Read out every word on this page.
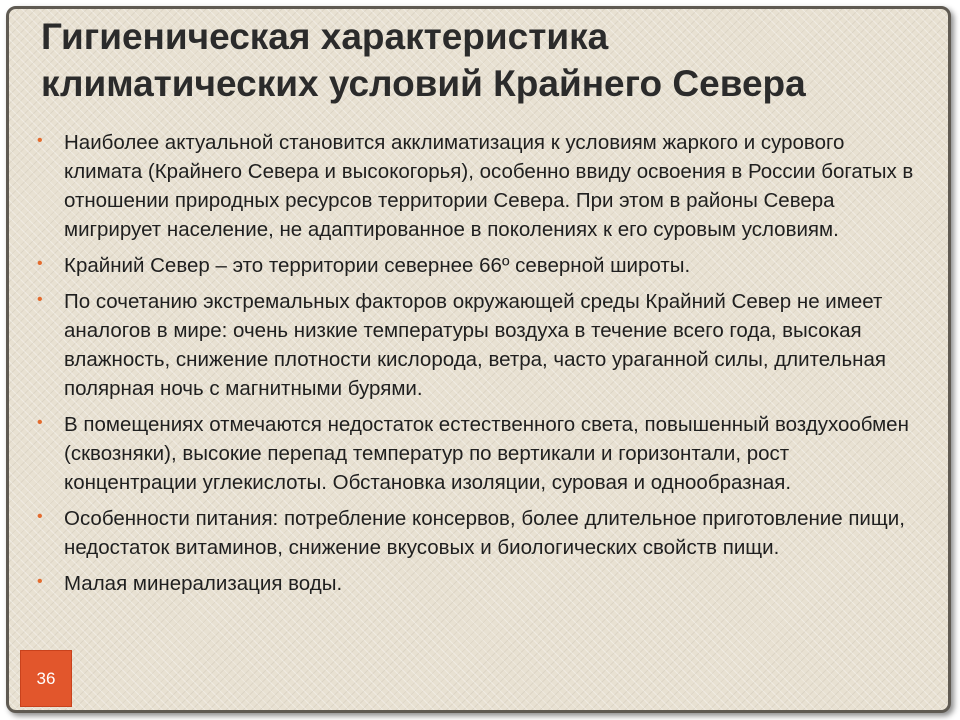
Гигиеническая характеристика
климатических условий Крайнего Севера
• Наиболее актуальной становится акклиматизация к условиям жаркого и сурового климата (Крайнего Севера и высокогорья), особенно ввиду освоения в России богатых в отношении природных ресурсов территории Севера. При этом в районы Севера мигрирует население, не адаптированное в поколениях к его суровым условиям.
• Крайний Север – это территории севернее 66º северной широты.
• По сочетанию экстремальных факторов окружающей среды Крайний Север не имеет аналогов в мире: очень низкие температуры воздуха в течение всего года, высокая влажность, снижение плотности кислорода, ветра, часто ураганной силы, длительная полярная ночь с магнитными бурями.
• В помещениях отмечаются недостаток естественного света, повышенный воздухообмен (сквозняки), высокие перепад температур по вертикали и горизонтали, рост концентрации углекислоты. Обстановка изоляции, суровая и однообразная.
• Особенности питания: потребление консервов, более длительное приготовление пищи, недостаток витаминов, снижение вкусовых и биологических свойств пищи.
• Малая минерализация воды.
36
